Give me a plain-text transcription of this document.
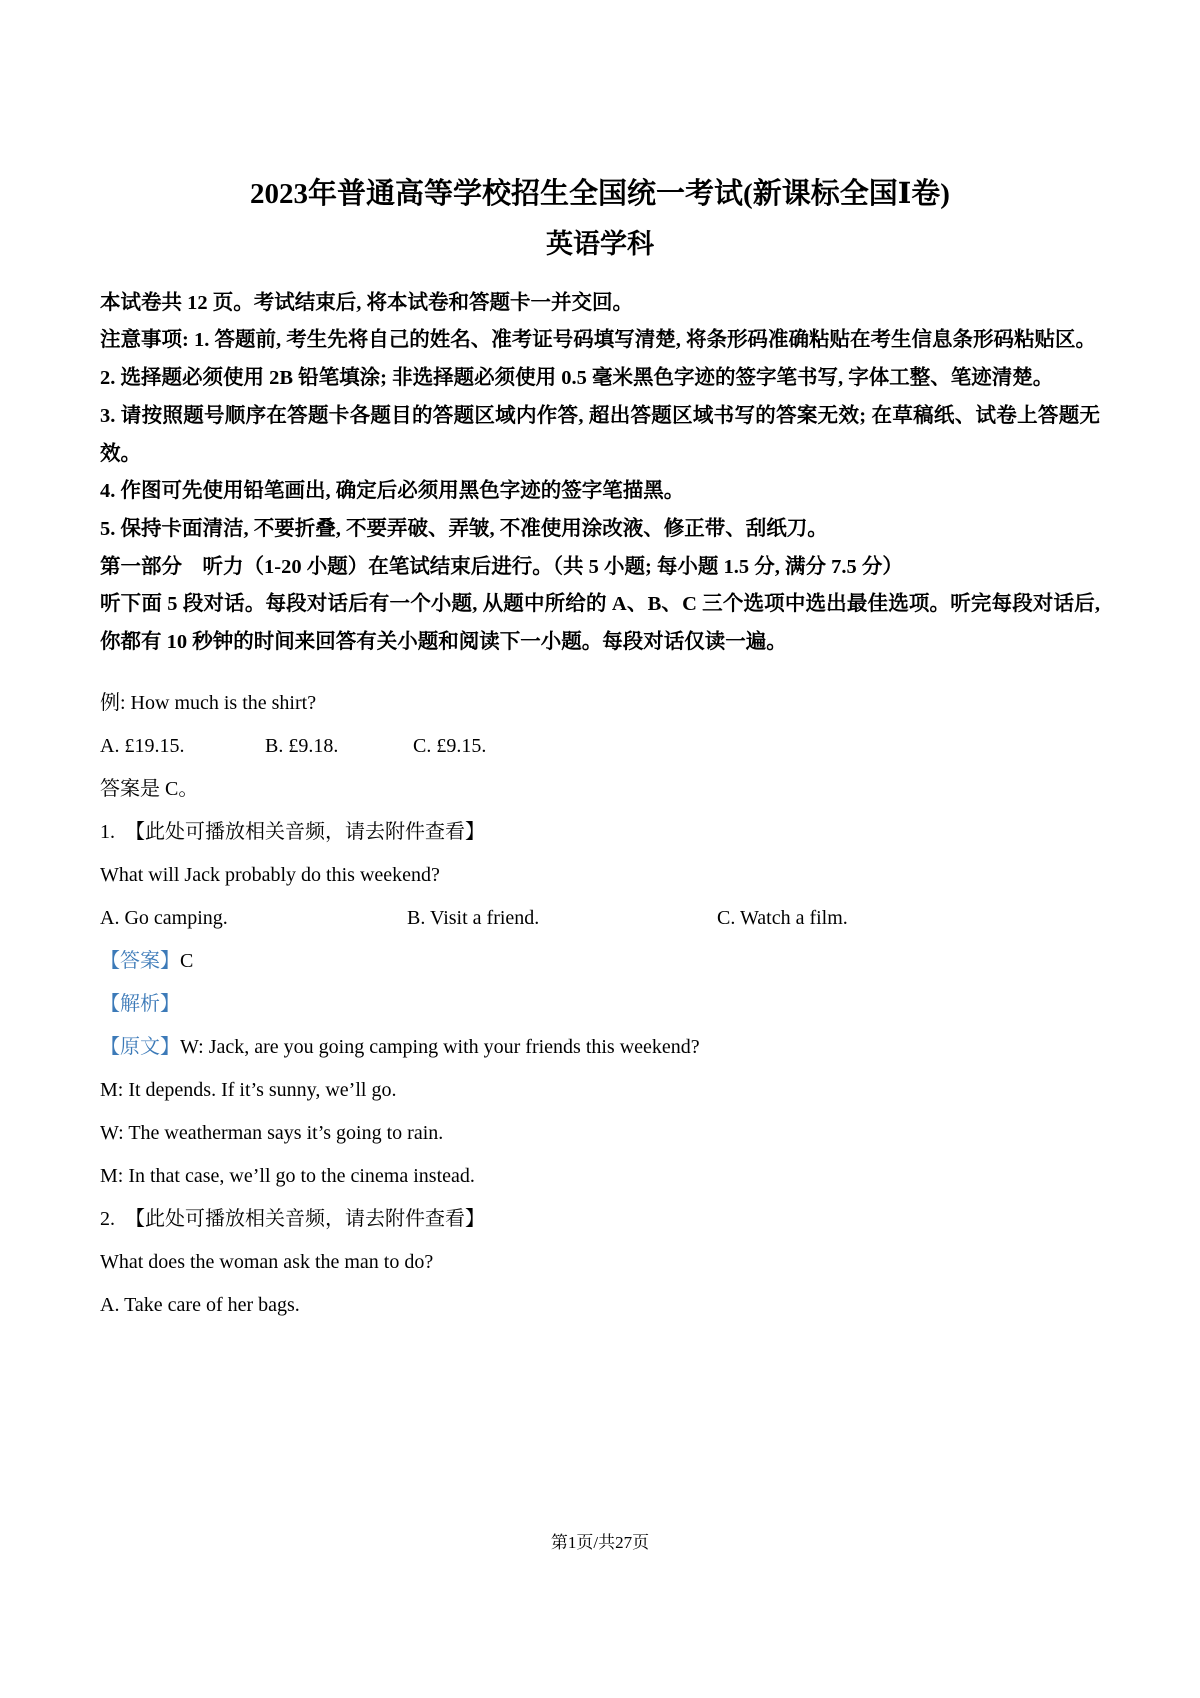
2023年普通高等学校招生全国统一考试(新课标全国Ⅰ卷)
英语学科

本试卷共 12 页。考试结束后, 将本试卷和答题卡一并交回。

注意事项: 1. 答题前, 考生先将自己的姓名、准考证号码填写清楚, 将条形码准确粘贴在考生信息条形码粘贴区。

2. 选择题必须使用 2B 铅笔填涂; 非选择题必须使用 0.5 毫米黑色字迹的签字笔书写, 字体工整、笔迹清楚。

3. 请按照题号顺序在答题卡各题目的答题区域内作答, 超出答题区域书写的答案无效; 在草稿纸、试卷上答题无效。

4. 作图可先使用铅笔画出, 确定后必须用黑色字迹的签字笔描黑。

5. 保持卡面清洁, 不要折叠, 不要弄破、弄皱, 不准使用涂改液、修正带、刮纸刀。

第一部分　听力（1-20 小题）在笔试结束后进行。（共 5 小题; 每小题 1.5 分, 满分 7.5 分）

听下面 5 段对话。每段对话后有一个小题, 从题中所给的 A、B、C 三个选项中选出最佳选项。听完每段对话后, 你都有 10 秒钟的时间来回答有关小题和阅读下一小题。每段对话仅读一遍。

例: How much is the shirt?

A. £19.15.	B. £9.18.	C. £9.15.

答案是 C。

1.　【此处可播放相关音频，请去附件查看】

What will Jack probably do this weekend?

A. Go camping.	B. Visit a friend.	C. Watch a film.

【答案】C

【解析】

【原文】W: Jack, are you going camping with your friends this weekend?

M: It depends. If it’s sunny, we’ll go.

W: The weatherman says it’s going to rain.

M: In that case, we’ll go to the cinema instead.

2.　【此处可播放相关音频，请去附件查看】

What does the woman ask the man to do?

A. Take care of her bags.

第1页/共27页
